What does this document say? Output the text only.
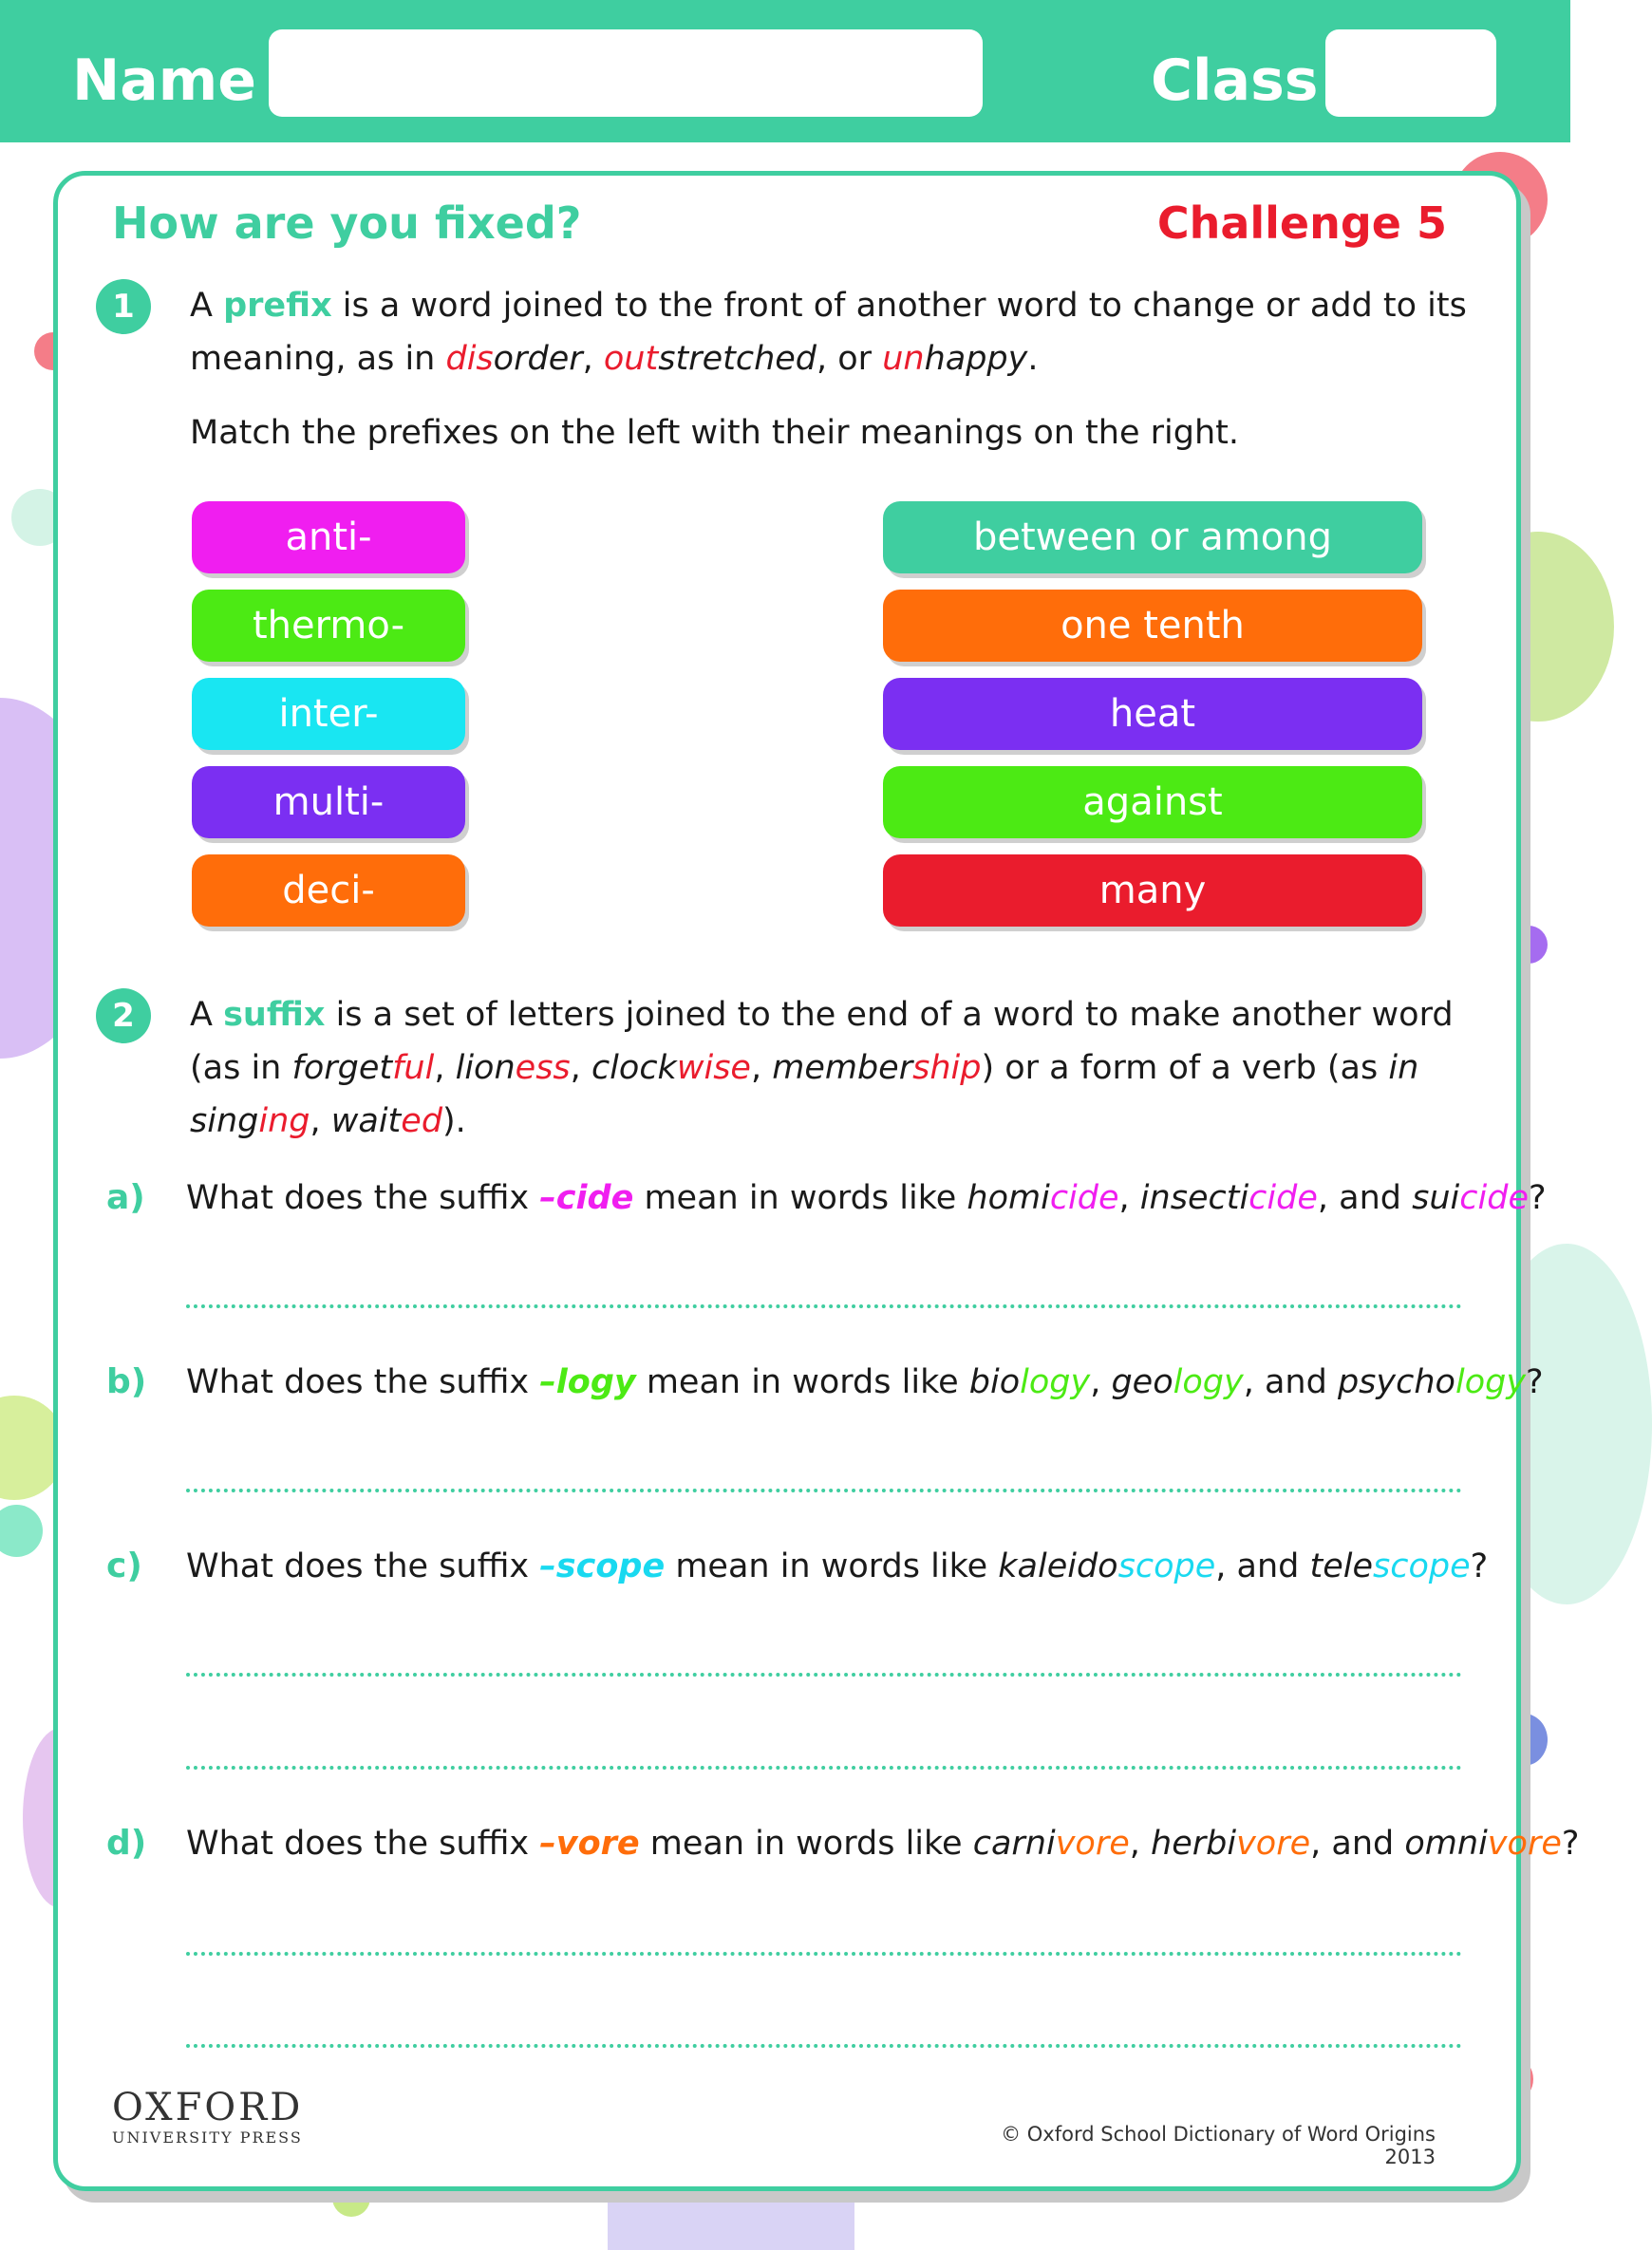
Name	Class
How are you fixed?	Challenge 5
1	A prefix is a word joined to the front of another word to change or add to its meaning, as in disorder, outstretched, or unhappy.
Match the prefixes on the left with their meanings on the right.
anti-
thermo-
inter-
multi-
deci-
between or among
one tenth
heat
against
many
2	A suffix is a set of letters joined to the end of a word to make another word (as in forgetful, lioness, clockwise, membership) or a form of a verb (as in singing, waited).
a) What does the suffix –cide mean in words like homicide, insecticide, and suicide?
b) What does the suffix –logy mean in words like biology, geology, and psychology?
c) What does the suffix –scope mean in words like kaleidoscope, and telescope?
d) What does the suffix –vore mean in words like carnivore, herbivore, and omnivore?
OXFORD
UNIVERSITY PRESS	© Oxford School Dictionary of Word Origins 2013
